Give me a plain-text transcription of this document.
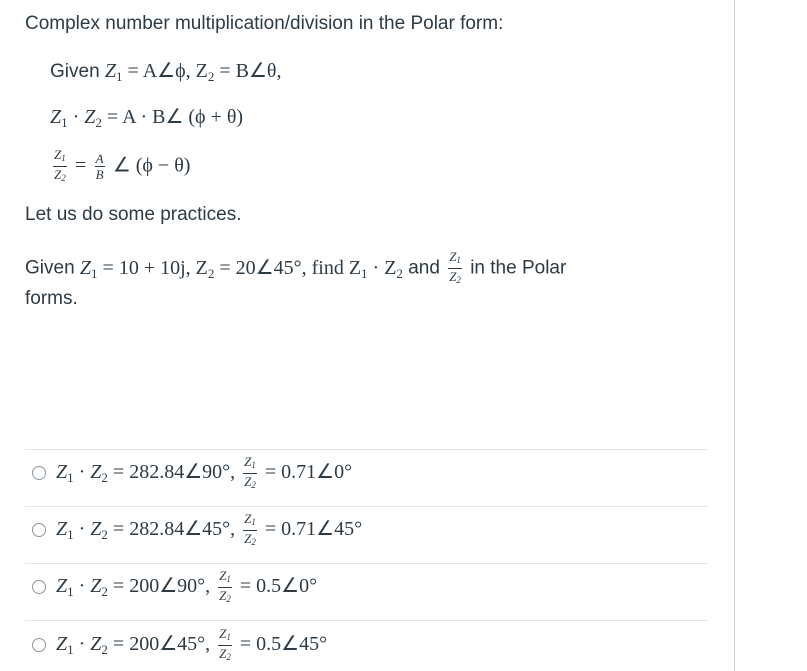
Complex number multiplication/division in the Polar form:
Given $Z_1$ = A∠ϕ, $Z_2$ = B∠θ,
$Z_1 \cdot Z_2 = A$ · B∠ (ϕ + θ)
$\frac{Z_1}{Z_2} = \frac{A}{B}$ ∠ (ϕ − θ)
Let us do some practices.
Given $Z_1 = 10 + 10j$, $Z_2$ = 20∠45°, find $Z_1 \cdot Z_2$ and $\frac{Z_1}{Z_2}$ in the Polar
forms.
$Z_1 \cdot Z_2$ = 282.84∠90°, $\frac{Z_1}{Z_2}$ = 0.71∠0°
$Z_1 \cdot Z_2$ = 282.84∠45°, $\frac{Z_1}{Z_2}$ = 0.71∠45°
$Z_1 \cdot Z_2$ = 200∠90°, $\frac{Z_1}{Z_2}$ = 0.5∠0°
$Z_1 \cdot Z_2$ = 200∠45°, $\frac{Z_1}{Z_2}$ = 0.5∠45°
